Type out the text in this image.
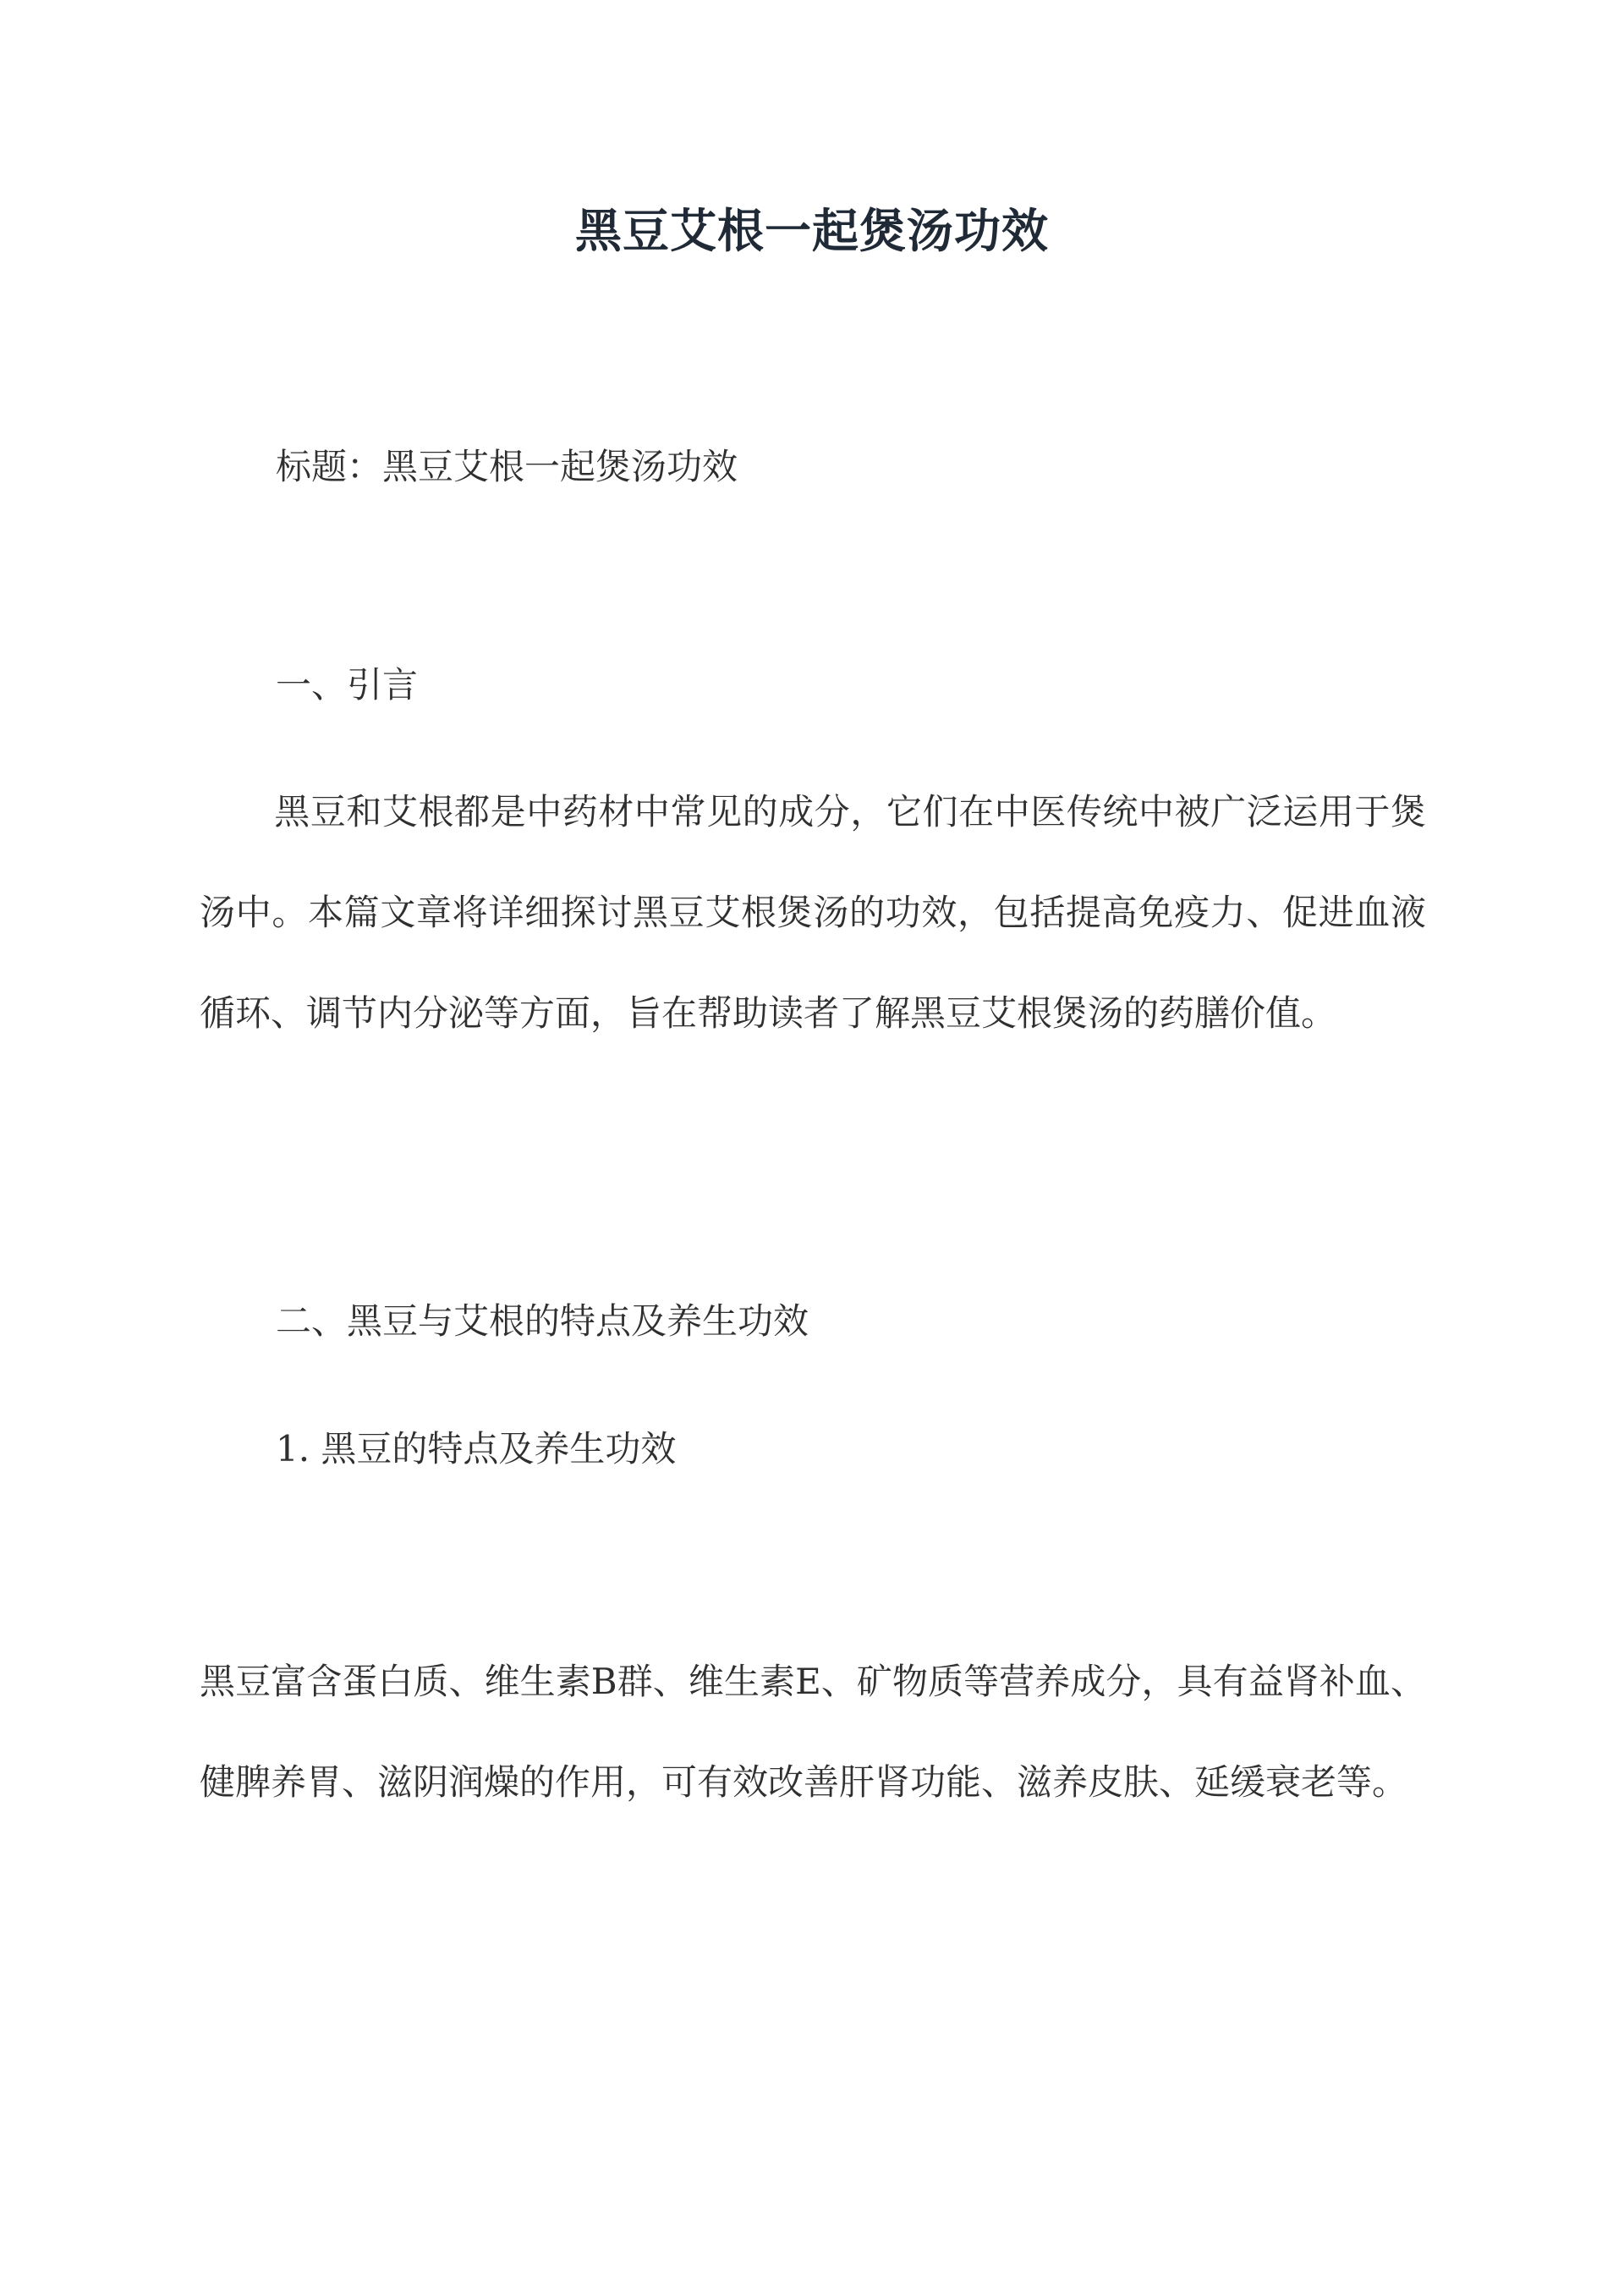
黑豆艾根一起煲汤功效
标题：黑豆艾根一起煲汤功效
一、引言
黑豆和艾根都是中药材中常见的成分，它们在中医传统中被广泛运用于煲汤中。本篇文章将详细探讨黑豆艾根煲汤的功效，包括提高免疫力、促进血液循环、调节内分泌等方面，旨在帮助读者了解黑豆艾根煲汤的药膳价值。
二、黑豆与艾根的特点及养生功效
1. 黑豆的特点及养生功效
黑豆富含蛋白质、维生素B群、维生素E、矿物质等营养成分，具有益肾补血、健脾养胃、滋阴润燥的作用，可有效改善肝肾功能、滋养皮肤、延缓衰老等。
